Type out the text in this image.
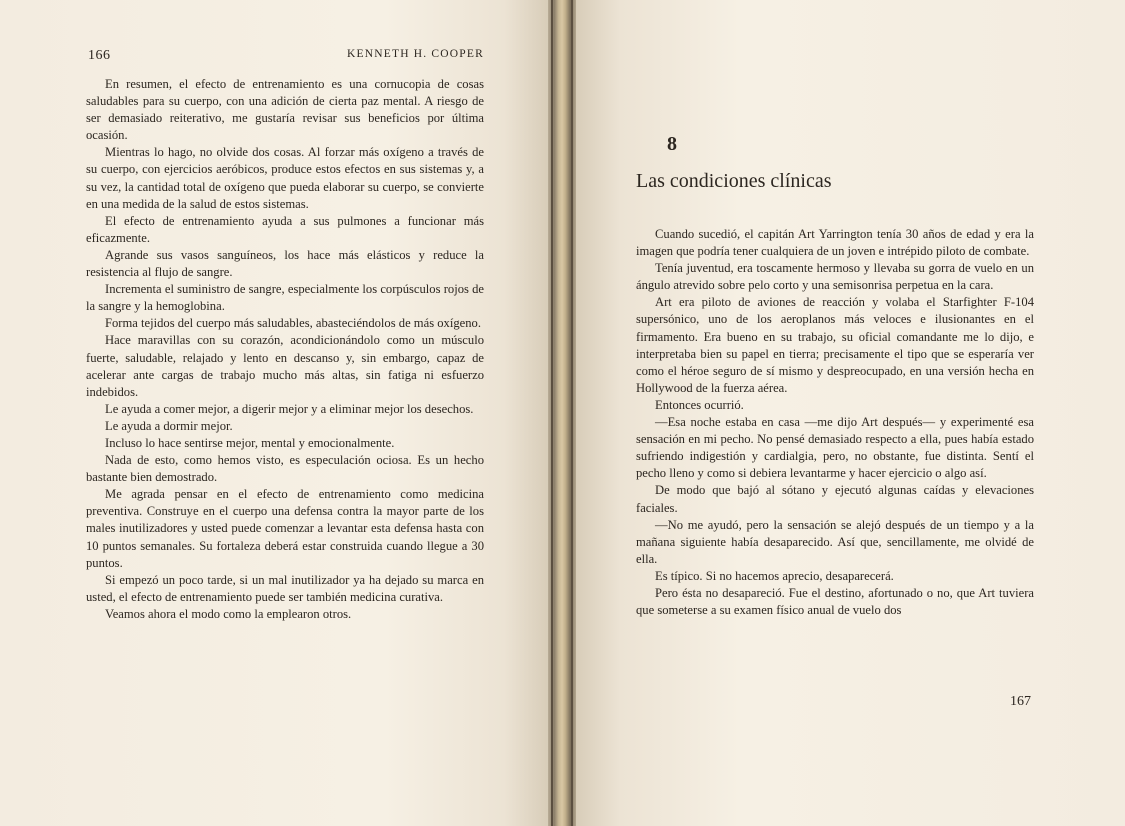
166	KENNETH H. COOPER

En resumen, el efecto de entrenamiento es una cornucopia de cosas saludables para su cuerpo, con una adición de cierta paz mental. A riesgo de ser demasiado reiterativo, me gustaría revisar sus beneficios por última ocasión.

Mientras lo hago, no olvide dos cosas. Al forzar más oxígeno a través de su cuerpo, con ejercicios aeróbicos, produce estos efectos en sus sistemas y, a su vez, la cantidad total de oxígeno que pueda elaborar su cuerpo, se convierte en una medida de la salud de estos sistemas.

El efecto de entrenamiento ayuda a sus pulmones a funcionar más eficazmente.

Agrande sus vasos sanguíneos, los hace más elásticos y reduce la resistencia al flujo de sangre.

Incrementa el suministro de sangre, especialmente los corpúsculos rojos de la sangre y la hemoglobina.

Forma tejidos del cuerpo más saludables, abasteciéndolos de más oxígeno.

Hace maravillas con su corazón, acondicionándolo como un músculo fuerte, saludable, relajado y lento en descanso y, sin embargo, capaz de acelerar ante cargas de trabajo mucho más altas, sin fatiga ni esfuerzo indebidos.

Le ayuda a comer mejor, a digerir mejor y a eliminar mejor los desechos.

Le ayuda a dormir mejor.

Incluso lo hace sentirse mejor, mental y emocionalmente.

Nada de esto, como hemos visto, es especulación ociosa. Es un hecho bastante bien demostrado.

Me agrada pensar en el efecto de entrenamiento como medicina preventiva. Construye en el cuerpo una defensa contra la mayor parte de los males inutilizadores y usted puede comenzar a levantar esta defensa hasta con 10 puntos semanales. Su fortaleza deberá estar construida cuando llegue a 30 puntos.

Si empezó un poco tarde, si un mal inutilizador ya ha dejado su marca en usted, el efecto de entrenamiento puede ser también medicina curativa.

Veamos ahora el modo como la emplearon otros.

8
Las condiciones clínicas

Cuando sucedió, el capitán Art Yarrington tenía 30 años de edad y era la imagen que podría tener cualquiera de un joven e intrépido piloto de combate.

Tenía juventud, era toscamente hermoso y llevaba su gorra de vuelo en un ángulo atrevido sobre pelo corto y una semisonrisa perpetua en la cara.

Art era piloto de aviones de reacción y volaba el Starfighter F-104 supersónico, uno de los aeroplanos más veloces e ilusionantes en el firmamento. Era bueno en su trabajo, su oficial comandante me lo dijo, e interpretaba bien su papel en tierra; precisamente el tipo que se esperaría ver como el héroe seguro de sí mismo y despreocupado, en una versión hecha en Hollywood de la fuerza aérea.

Entonces ocurrió.

—Esa noche estaba en casa —me dijo Art después— y experimenté esa sensación en mi pecho. No pensé demasiado respecto a ella, pues había estado sufriendo indigestión y cardialgia, pero, no obstante, fue distinta. Sentí el pecho lleno y como si debiera levantarme y hacer ejercicio o algo así.

De modo que bajó al sótano y ejecutó algunas caídas y elevaciones faciales.

—No me ayudó, pero la sensación se alejó después de un tiempo y a la mañana siguiente había desaparecido. Así que, sencillamente, me olvidé de ella.

Es típico. Si no hacemos aprecio, desaparecerá.

Pero ésta no desapareció. Fue el destino, afortunado o no, que Art tuviera que someterse a su examen físico anual de vuelo dos

167
